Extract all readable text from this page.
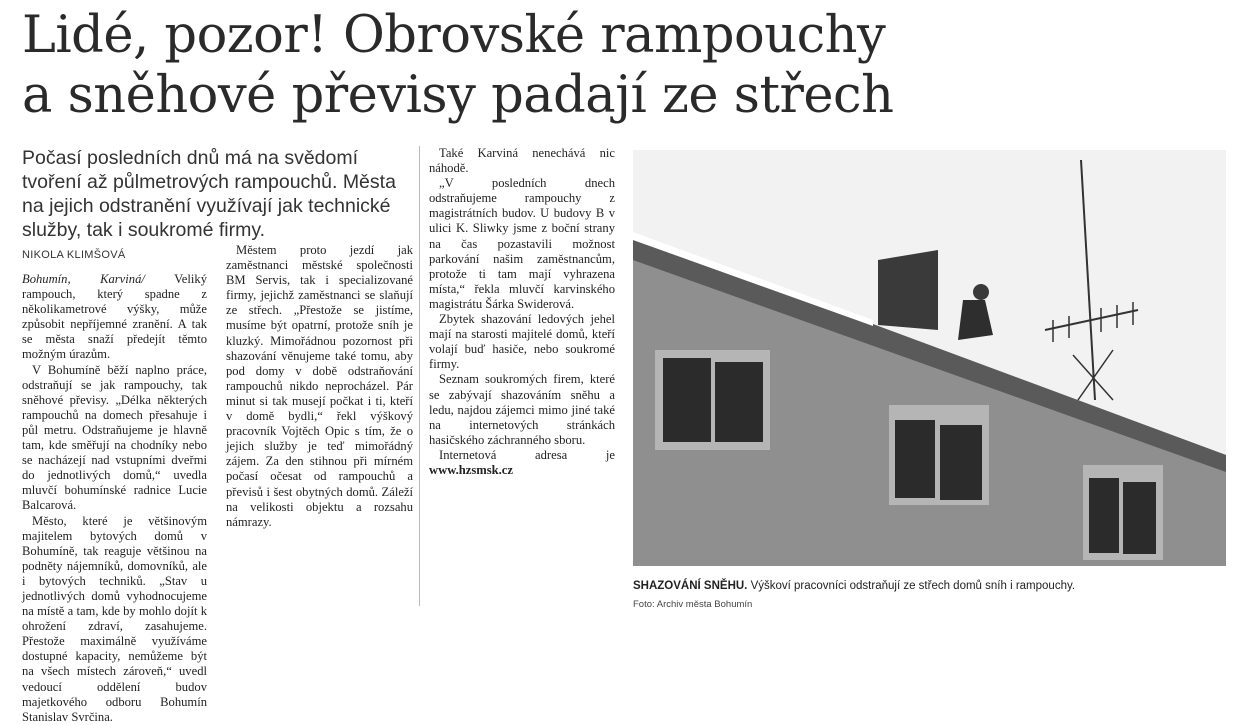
Lidé, pozor! Obrovské rampouchy
a sněhové převisy padají ze střech
Počasí posledních dnů má na svědomí tvoření až půlmetrových rampouchů. Města na jejich odstranění využívají jak technické služby, tak i soukromé firmy.
NIKOLA KLIMŠOVÁ

Bohumín, Karviná/ Veliký rampouch, který spadne z několikametrové výšky, může způsobit nepříjemné zranění. A tak se města snaží předejít těmto možným úrazům.

V Bohumíně běží naplno práce, odstraňují se jak rampouchy, tak sněhové převisy. „Délka některých rampouchů na domech přesahuje i půl metru. Odstraňujeme je hlavně tam, kde směřují na chodníky nebo se nacházejí nad vstupními dveřmi do jednotlivých domů,“ uvedla mluvčí bohumínské radnice Lucie Balcarová.

Město, které je většinovým majitelem bytových domů v Bohumíně, tak reaguje většinou na podněty nájemníků, domovníků, ale i bytových techniků. „Stav u jednotlivých domů vyhodnocujeme na místě a tam, kde by mohlo dojít k ohrožení zdraví, zasahujeme. Přestože maximálně využíváme dostupné kapacity, nemůžeme být na všech místech zároveň,“ uvedl vedoucí oddělení budov majetkového odboru Bohumín Stanislav Svrčina.

Městem proto jezdí jak zaměstnanci městské společnosti BM Servis, tak i specializované firmy, jejichž zaměstnanci se slaňují ze střech. „Přestože se jistíme, musíme být opatrní, protože sníh je kluzký. Mimořádnou pozornost při shazování věnujeme také tomu, aby pod domy v době odstraňování rampouchů nikdo neprocházel. Pár minut si tak musejí počkat i ti, kteří v domě bydli,“ řekl výškový pracovník Vojtěch Opic s tím, že o jejich služby je teď mimořádný zájem. Za den stihnou při mírném počasí očesat od rampouchů a převisů i šest obytných domů. Záleží na velikosti objektu a rozsahu námrazy.

Také Karviná nenechává nic náhodě.

„V posledních dnech odstraňujeme rampouchy z magistrátních budov. U budovy B v ulici K. Sliwky jsme z boční strany na čas pozastavili možnost parkování našim zaměstnancům, protože ti tam mají vyhrazena místa,“ řekla mluvčí karvinského magistrátu Šárka Swiderová.

Zbytek shazování ledových jehel mají na starosti majitelé domů, kteří volají buď hasiče, nebo soukromé firmy.

Seznam soukromých firem, které se zabývají shazováním sněhu a ledu, najdou zájemci mimo jiné také na internetových stránkách hasičského záchranného sboru.

Internetová adresa je www.hzsmsk.cz

SHAZOVÁNÍ SNĚHU. Výškoví pracovníci odstraňují ze střech domů sníh i rampouchy.
Foto: Archiv města Bohumín
